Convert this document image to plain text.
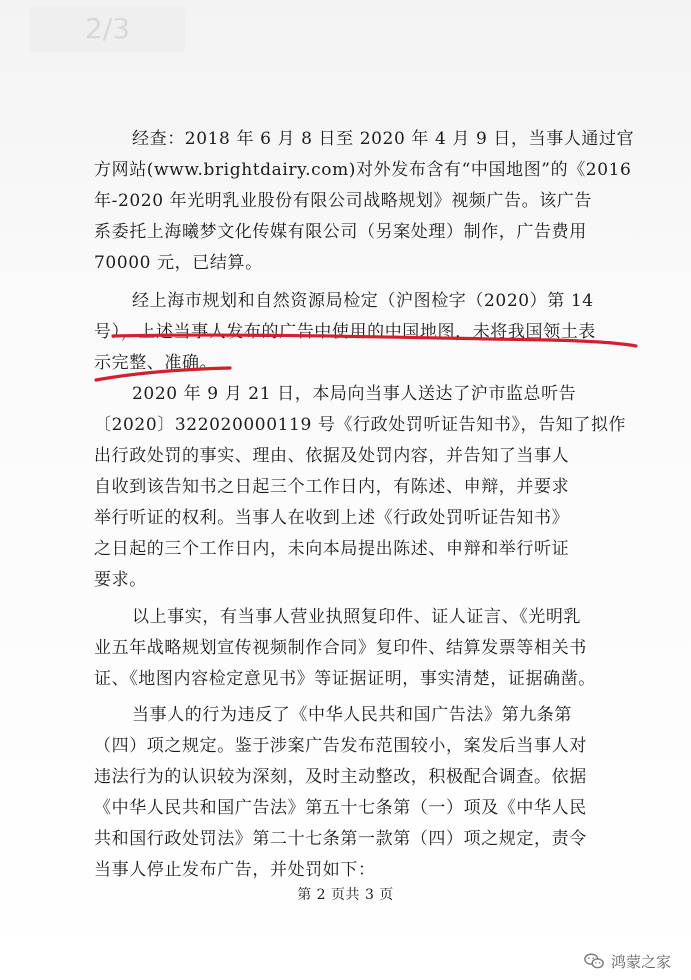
2/3
经查：2018 年 6 月 8 日至 2020 年 4 月 9 日，当事人通过官
方网站(www.brightdairy.com)对外发布含有“中国地图”的《2016
年-2020 年光明乳业股份有限公司战略规划》视频广告。该广告
系委托上海曦梦文化传媒有限公司（另案处理）制作，广告费用
70000 元，已结算。
经上海市规划和自然资源局检定（沪图检字（2020）第 14
号），上述当事人发布的广告中使用的中国地图，未将我国领土表
示完整、准确。
2020 年 9 月 21 日，本局向当事人送达了沪市监总听告
〔2020〕322020000119 号《行政处罚听证告知书》，告知了拟作
出行政处罚的事实、理由、依据及处罚内容，并告知了当事人
自收到该告知书之日起三个工作日内，有陈述、申辩，并要求
举行听证的权利。当事人在收到上述《行政处罚听证告知书》
之日起的三个工作日内，未向本局提出陈述、申辩和举行听证
要求。
以上事实，有当事人营业执照复印件、证人证言、《光明乳
业五年战略规划宣传视频制作合同》复印件、结算发票等相关书
证、《地图内容检定意见书》等证据证明，事实清楚，证据确凿。
当事人的行为违反了《中华人民共和国广告法》第九条第
（四）项之规定。鉴于涉案广告发布范围较小，案发后当事人对
违法行为的认识较为深刻，及时主动整改，积极配合调查。依据
《中华人民共和国广告法》第五十七条第（一）项及《中华人民
共和国行政处罚法》第二十七条第一款第（四）项之规定，责令
当事人停止发布广告，并处罚如下：
第 2 页共 3 页
鸿蒙之家
